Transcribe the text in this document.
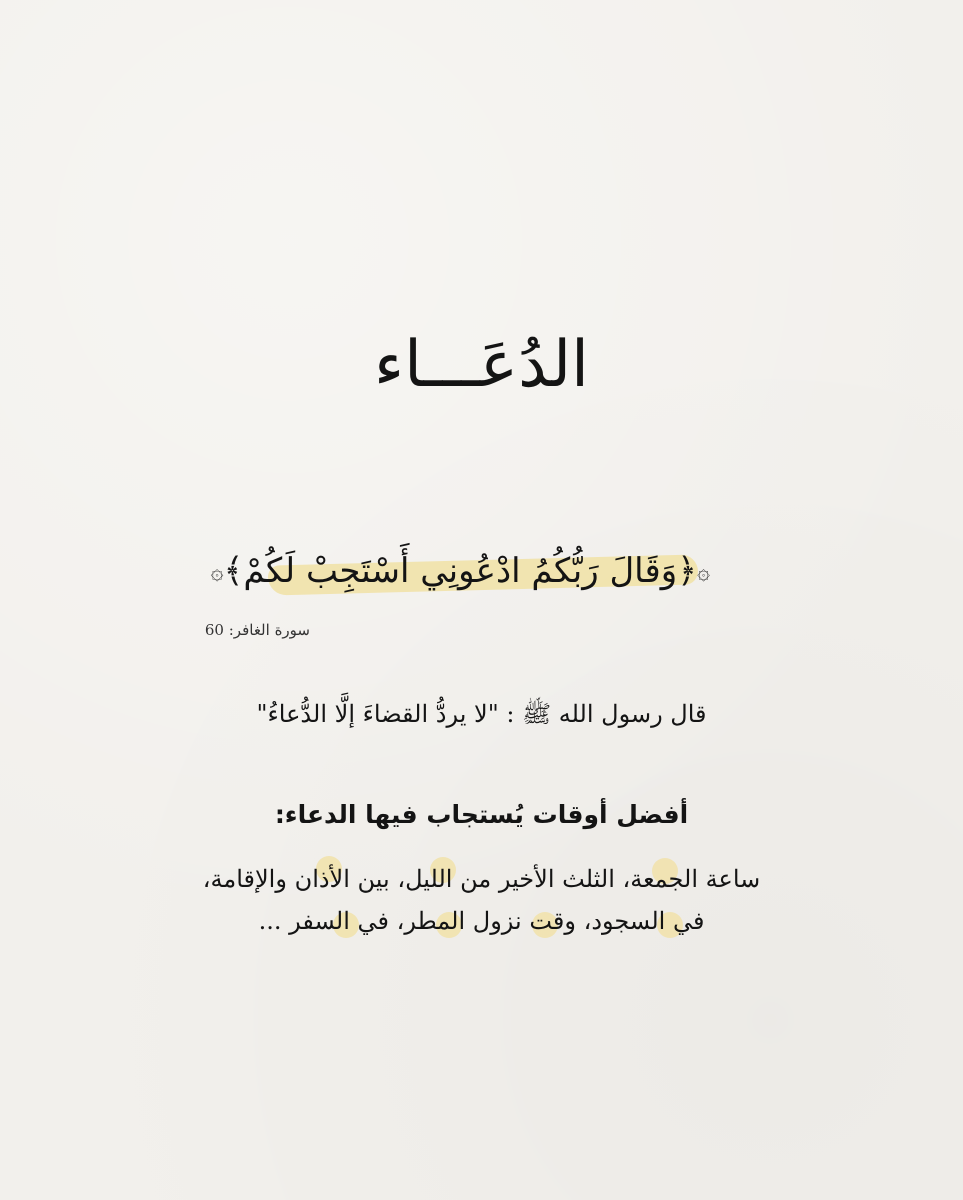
الدُعَـــاء
۞﴿وَقَالَ رَبُّكُمُ ادْعُونِي أَسْتَجِبْ لَكُمْ﴾۞
سورة الغافر: 60
قال رسول الله ﷺ : "لا يردُّ القضاءَ إلَّا الدُّعاءُ"
أفضل أوقات يُستجاب فيها الدعاء:
ساعة الجمعة، الثلث الأخير من الليل، بين الأذان والإقامة،
في السجود، وقت نزول المطر، في السفر ...
